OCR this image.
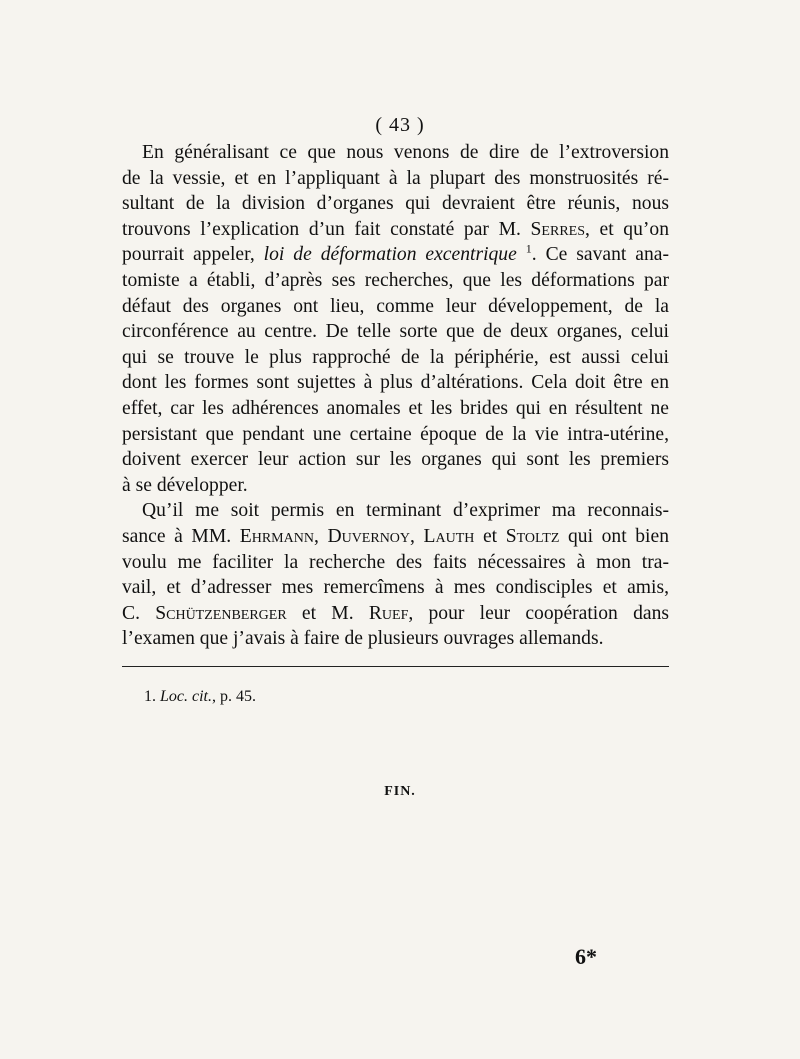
( 43 )
En généralisant ce que nous venons de dire de l’extroversion
de la vessie, et en l’appliquant à la plupart des monstruosités ré-
sultant de la division d’organes qui devraient être réunis, nous
trouvons l’explication d’un fait constaté par M. Serres, et qu’on
pourrait appeler, loi de déformation excentrique $^1$. Ce savant ana-
tomiste a établi, d’après ses recherches, que les déformations par
défaut des organes ont lieu, comme leur développement, de la
circonférence au centre. De telle sorte que de deux organes, celui
qui se trouve le plus rapproché de la périphérie, est aussi celui
dont les formes sont sujettes à plus d’altérations. Cela doit être en
effet, car les adhérences anomales et les brides qui en résultent ne
persistant que pendant une certaine époque de la vie intra-utérine,
doivent exercer leur action sur les organes qui sont les premiers
à se développer.
Qu’il me soit permis en terminant d’exprimer ma reconnais-
sance à MM. Ehrmann, Duvernoy, Lauth et Stoltz qui ont bien
voulu me faciliter la recherche des faits nécessaires à mon tra-
vail, et d’adresser mes remercîmens à mes condisciples et amis,
C. Schützenberger et M. Ruef, pour leur coopération dans
l’examen que j’avais à faire de plusieurs ouvrages allemands.
1. Loc. cit., p. 45.
FIN.
6*
